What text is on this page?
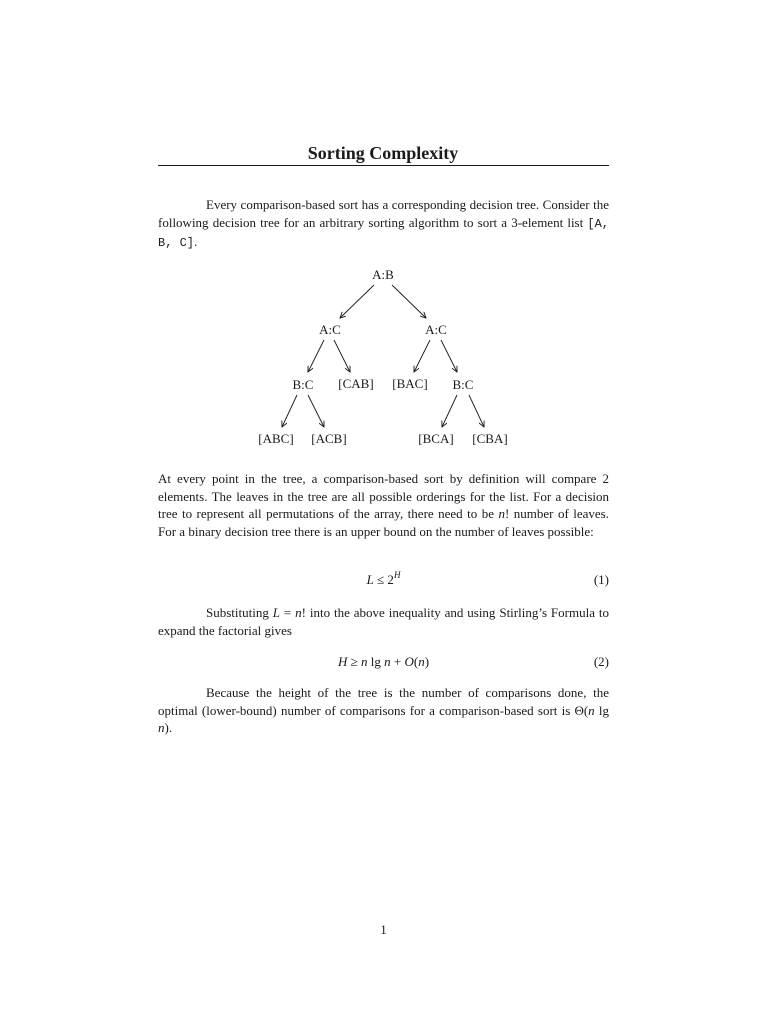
Sorting Complexity
Every comparison-based sort has a corresponding decision tree. Consider the following decision tree for an arbitrary sorting algorithm to sort a 3-element list [A, B, C].
A:B
A:C	A:C
B:C [CAB] [BAC] B:C
[ABC] [ACB]	[BCA] [CBA]
At every point in the tree, a comparison-based sort by definition will compare 2 elements. The leaves in the tree are all possible orderings for the list. For a decision tree to represent all permutations of the array, there need to be n! number of leaves. For a binary decision tree there is an upper bound on the number of leaves possible:
$L \le 2^H$	(1)
Substituting L = n! into the above inequality and using Stirling’s Formula to expand the factorial gives
H ≥ n lg n + O(n)	(2)
Because the height of the tree is the number of comparisons done, the optimal (lower-bound) number of comparisons for a comparison-based sort is Θ(n lg n).
1
